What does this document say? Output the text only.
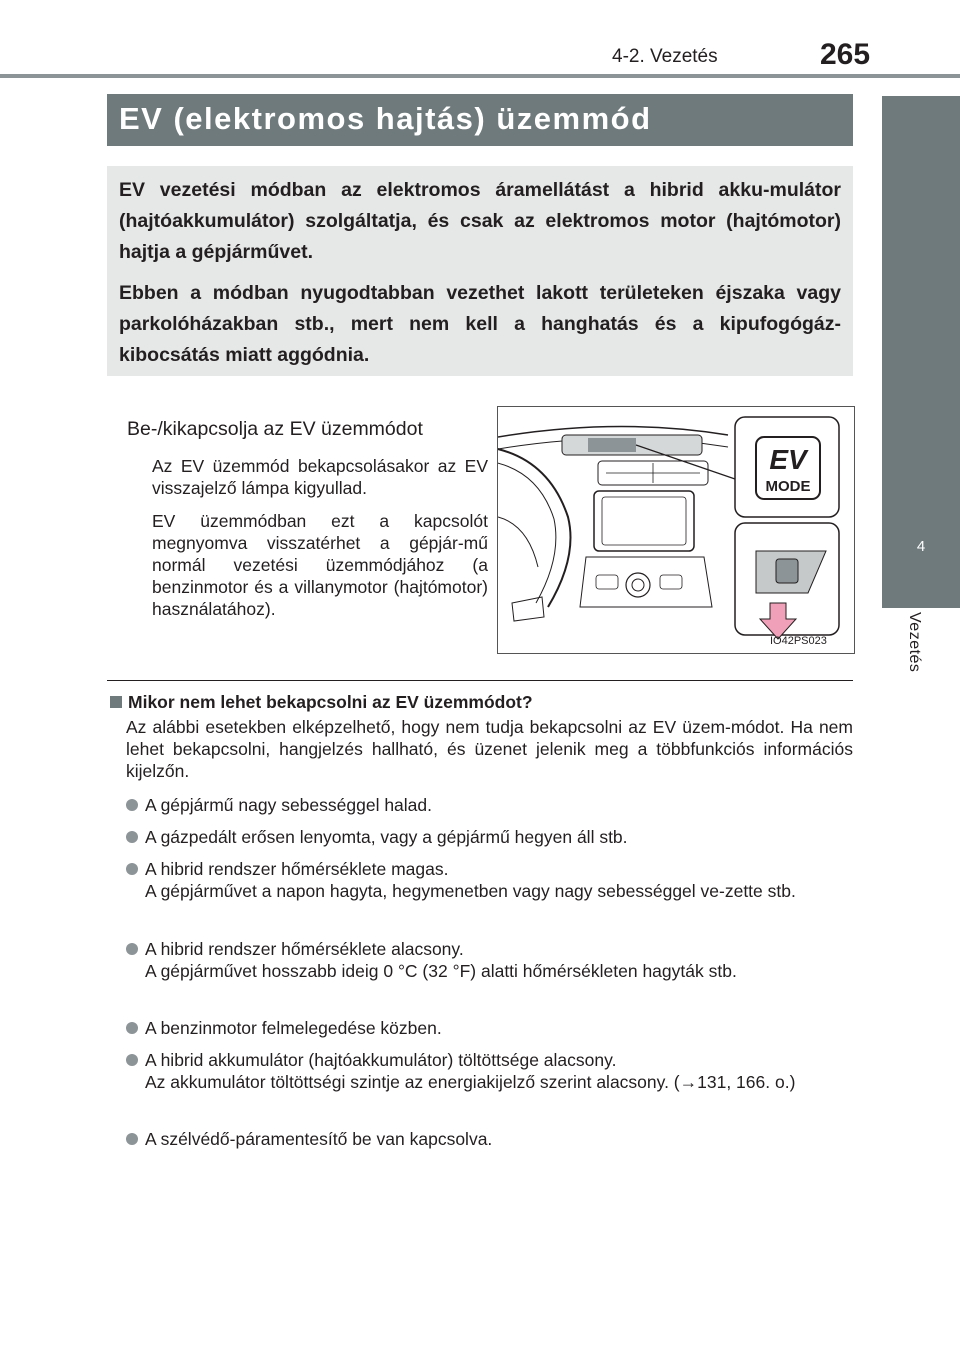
4-2. Vezetés	265
4
Vezetés
EV (elektromos hajtás) üzemmód

EV vezetési módban az elektromos áramellátást a hibrid akku-mulátor (hajtóakkumulátor) szolgáltatja, és csak az elektromos motor (hajtómotor) hajtja a gépjárművet.

Ebben a módban nyugodtabban vezethet lakott területeken éjszaka vagy parkolóházakban stb., mert nem kell a hanghatás és a kipufogógáz-kibocsátás miatt aggódnia.

Be-/kikapcsolja az EV üzemmódot

Az EV üzemmód bekapcsolásakor az EV visszajelző lámpa kigyullad.

EV üzemmódban ezt a kapcsolót megnyomva visszatérhet a gépjár-mű normál vezetési üzemmódjához (a benzinmotor és a villanymotor (hajtómotor) használatához).

EV
MODE
IO42PS023
Mikor nem lehet bekapcsolni az EV üzemmódot?

Az alábbi esetekben elképzelhető, hogy nem tudja bekapcsolni az EV üzem-módot. Ha nem lehet bekapcsolni, hangjelzés hallható, és üzenet jelenik meg a többfunkciós információs kijelzőn.

A gépjármű nagy sebességgel halad.
A gázpedált erősen lenyomta, vagy a gépjármű hegyen áll stb.
A hibrid rendszer hőmérséklete magas.
A gépjárművet a napon hagyta, hegymenetben vagy nagy sebességgel ve-zette stb.
A hibrid rendszer hőmérséklete alacsony.
A gépjárművet hosszabb ideig 0 °C (32 °F) alatti hőmérsékleten hagyták stb.
A benzinmotor felmelegedése közben.
A hibrid akkumulátor (hajtóakkumulátor) töltöttsége alacsony.
Az akkumulátor töltöttségi szintje az energiakijelző szerint alacsony. (→131, 166. o.)
A szélvédő-páramentesítő be van kapcsolva.
